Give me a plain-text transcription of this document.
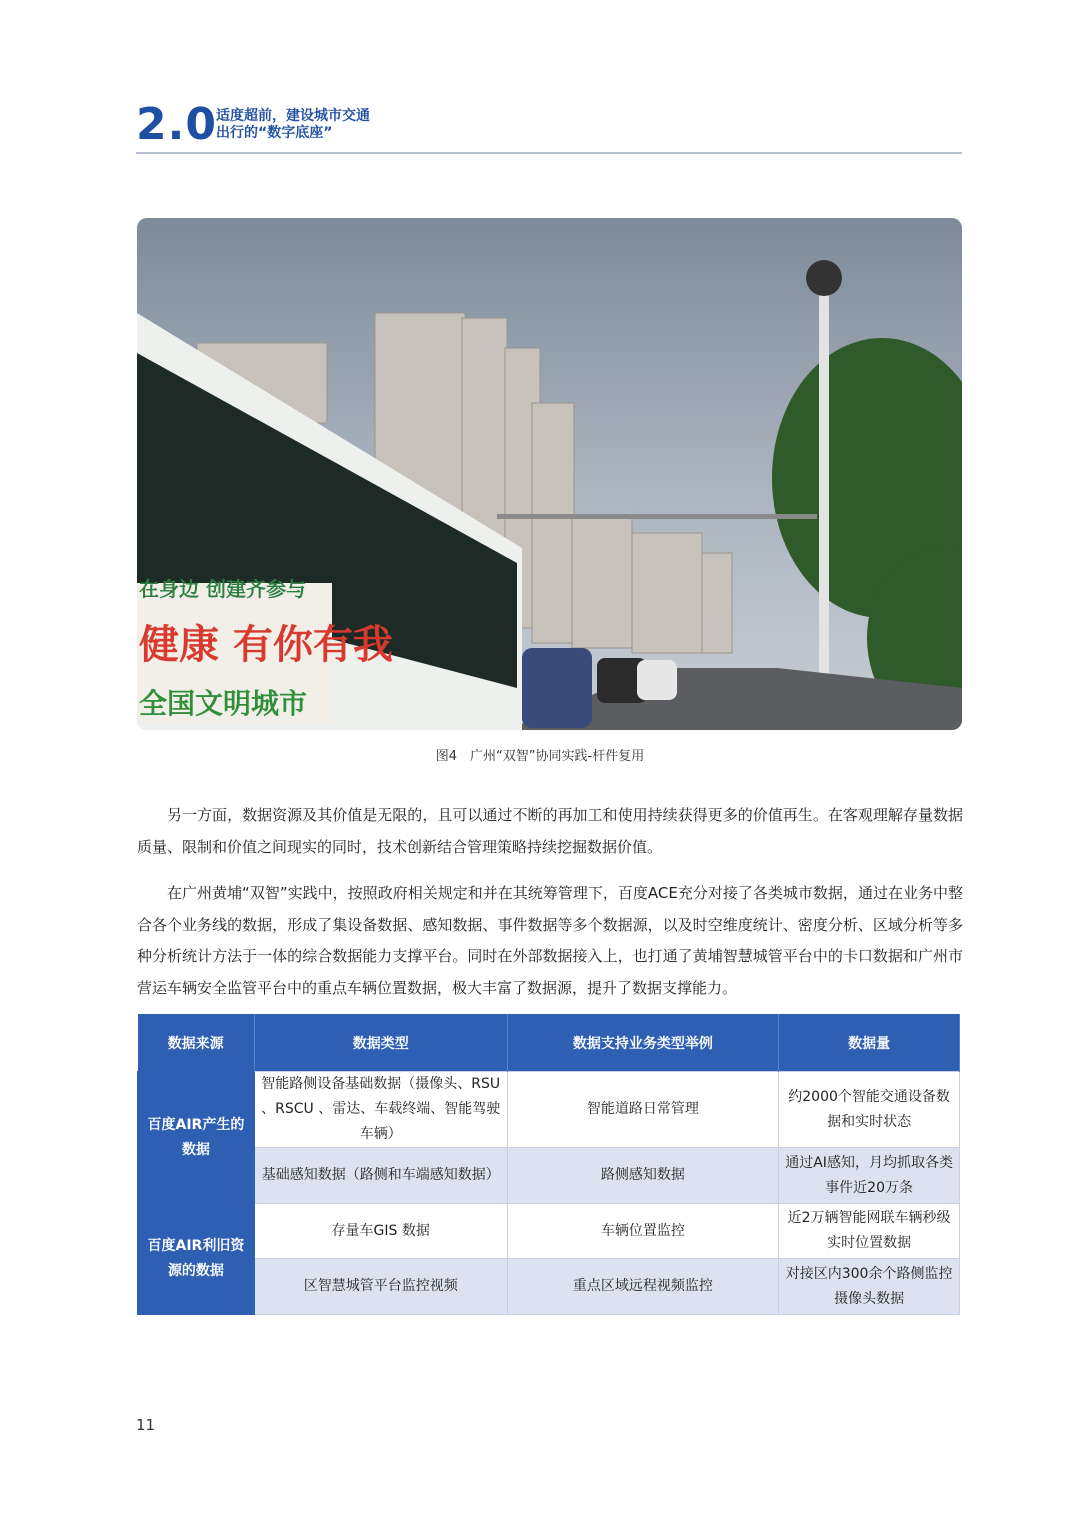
2.0 适度超前，建设城市交通
出行的“数字底座”
在身边 创建齐参与
健康 有你有我
全国文明城市
图4　广州“双智”协同实践-杆件复用

另一方面，数据资源及其价值是无限的，且可以通过不断的再加工和使用持续获得更多的价值再生。在客观理解存量数据质量、限制和价值之间现实的同时，技术创新结合管理策略持续挖掘数据价值。

在广州黄埔“双智”实践中，按照政府相关规定和并在其统筹管理下，百度ACE充分对接了各类城市数据，通过在业务中整合各个业务线的数据，形成了集设备数据、感知数据、事件数据等多个数据源，以及时空维度统计、密度分析、区域分析等多种分析统计方法于一体的综合数据能力支撑平台。同时在外部数据接入上，也打通了黄埔智慧城管平台中的卡口数据和广州市营运车辆安全监管平台中的重点车辆位置数据，极大丰富了数据源，提升了数据支撑能力。

数据来源	数据类型	数据支持业务类型举例	数据量
百度AIR产生的数据	智能路侧设备基础数据（摄像头、RSU 、RSCU 、雷达、车载终端、智能驾驶车辆）	智能道路日常管理	约2000个智能交通设备数据和实时状态
	基础感知数据（路侧和车端感知数据）	路侧感知数据	通过AI感知，月均抓取各类事件近20万条
百度AIR利旧资源的数据	存量车GIS 数据	车辆位置监控	近2万辆智能网联车辆秒级实时位置数据
	区智慧城管平台监控视频	重点区域远程视频监控	对接区内300余个路侧监控摄像头数据
11
